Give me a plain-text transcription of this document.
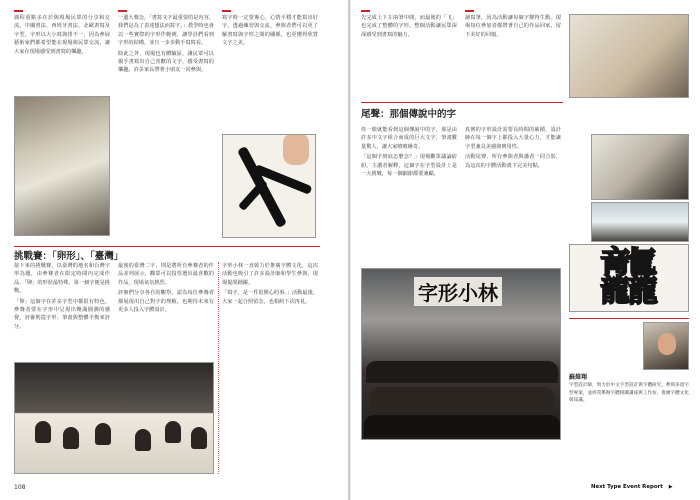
課程重點多在於與現場民眾的分享和交流，中國書法、西班牙書法、北歐書寫及字型，字形以大小寫與排不一，因為參展藝術家們都希望能在現場與民眾交流，讓大家在現場感受到書寫的樂趣。
一邊大聲念，「書寫文字最重要的是內容，我們是為了表達想法而寫字。」教學時也會以一些實際的字形作範例，讓學員們看到字形的結構，並且一步步動手寫寫看。
除此之外，現場也有體驗區，讓民眾可以親手書寫出自己喜歡的文字，感受書寫的樂趣。許多家長帶著小朋友一同參與。
寫字時一定要專心，心情平穩才能寫出好字。透過練習與交流，參與者們可以更了解書寫與字形之間的關係，也更懂得欣賞文字之美。
挑戰賽：「卵形」、「臺灣」
接下來的挑戰賽，以臺灣的地名和台灣字形為題，由參賽者在限定時間內完成作品。「卵」的形狀最特殊，第一個字便是挑戰。
「卵」這個字在許多字型中都很有特色，參賽者要在字形中呈現出飽滿圓潤的感覺，評審則從字形、筆畫與整體平衡來評分。
最後的臺灣二字，則是將所有參賽者的作品並列展示，觀眾可以投票選出最喜歡的作品，現場氣氛熱烈。
評審們分享各自的觀察，認為每位參賽者都展現出自己對字的理解，也期待未來有更多人投入字體設計。
字形小林一直致力於推廣字體文化，這次活動也吸引了許多設計師和學生參與，現場提問踴躍。
「寫字，是一件很開心的事。」活動最後，大家一起合照留念，也相約下次再見。
108
先完成上下左兩筆中間，而最後的「飞」也完成了整體的字形。整個活動讓民眾深深感受到書寫的魅力。
讀寫筆，因為活動讓每個字變得生動。現場每位參加者都帶著自己的作品回家，留下美好的回憶。
尾聲：那個傳說中的字
你一眼就能看到這個傳說中的字，那是由許多中文字組合而成的巨大文字，筆畫數量驚人，讓大家嘖嘖稱奇。
「這個字到底怎麼念？」現場觀眾議論紛紛。主講者解釋，這個字在字型設計上是一大挑戰，每一個細節都要兼顧。
真實的字形設計需要長時間的累積，設計師在每一個字上都投入大量心力，才能讓字型兼具美感與實用性。
活動尾聲，所有參與者與講者一同合影，為這次的字體活動畫下完美句點。
龘
字形小林
蘇煒翔
字型設計師，致力於中文字型設計與字體研究，參與多項字型專案，並經常舉辦字體相關講座與工作坊，推廣字體文化與知識。
Next Type Event Report ▶
